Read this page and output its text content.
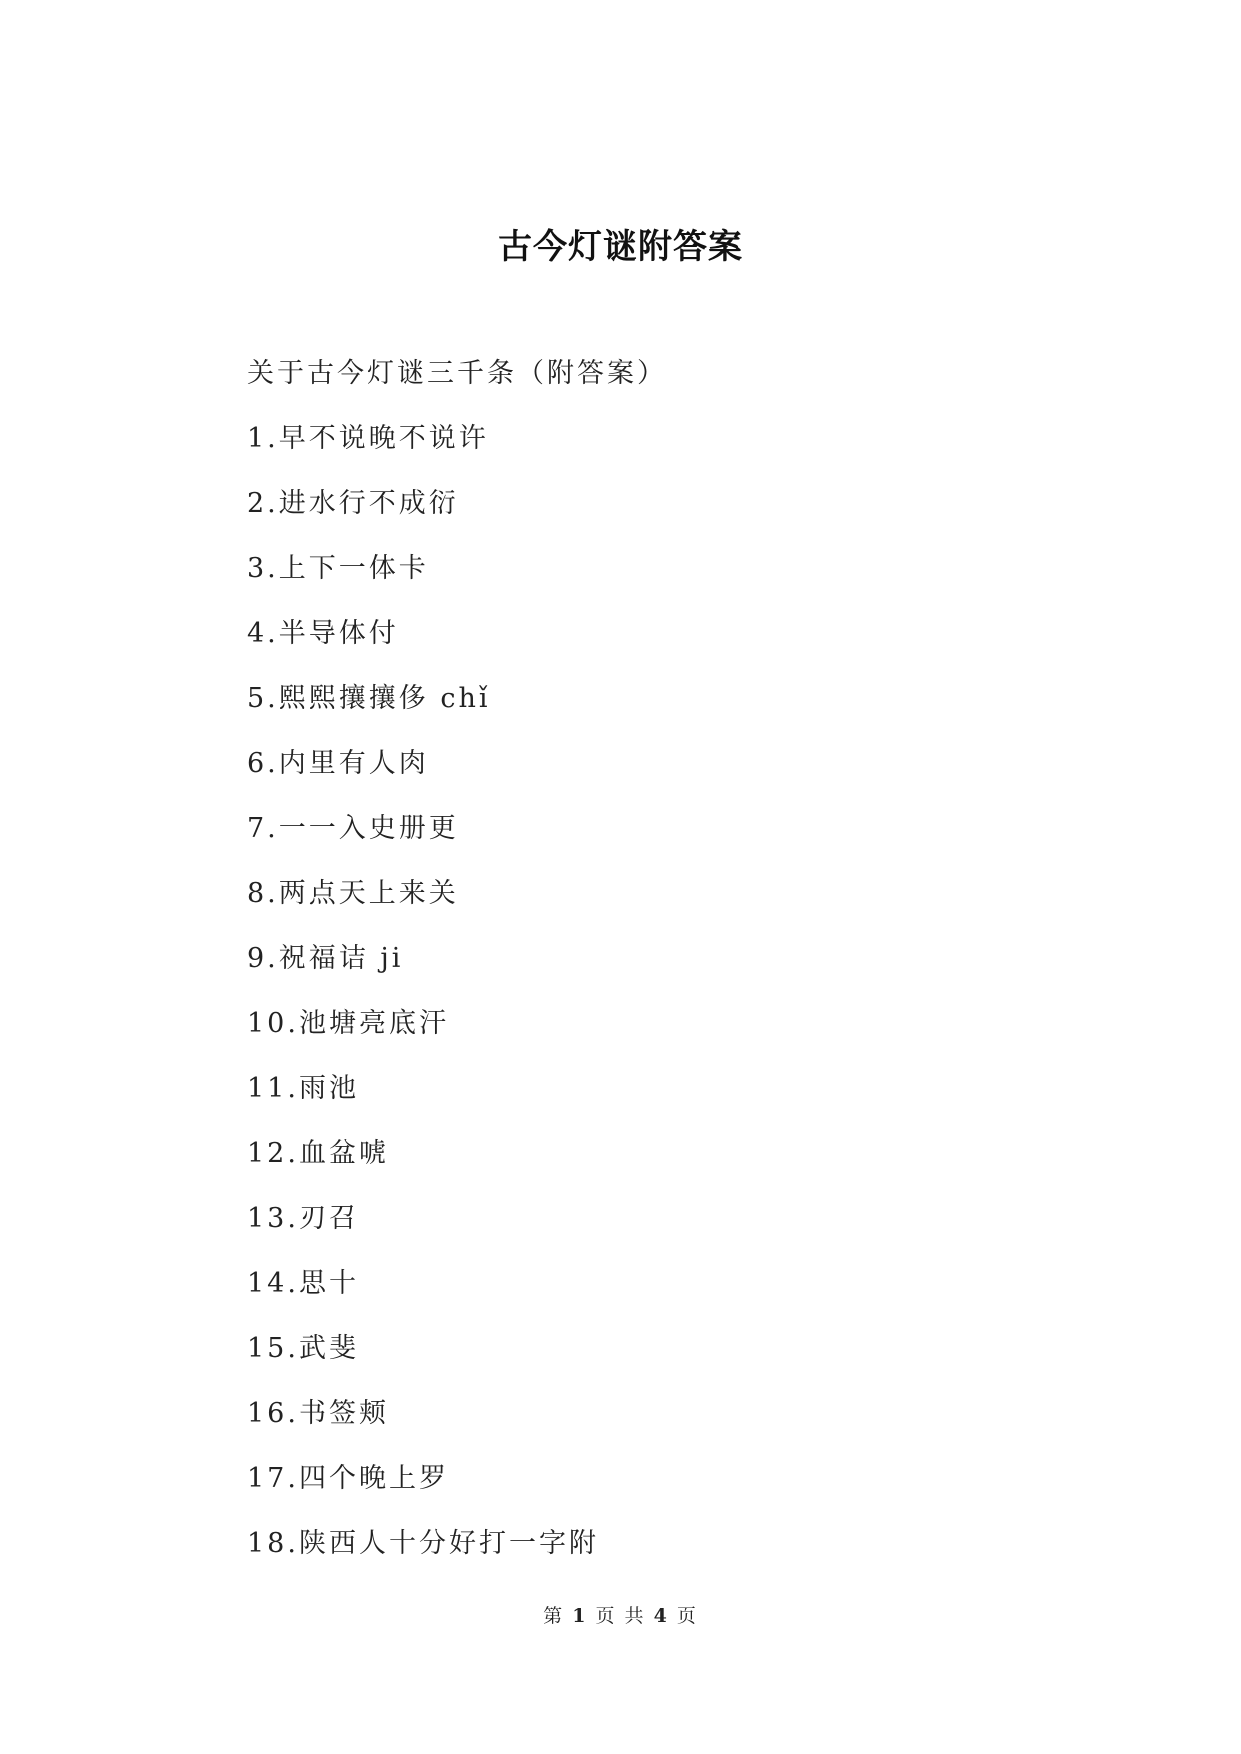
古今灯谜附答案
关于古今灯谜三千条（附答案）
1.早不说晚不说许
2.进水行不成衍
3.上下一体卡
4.半导体付
5.熙熙攘攘侈 chǐ
6.内里有人肉
7.一一入史册更
8.两点天上来关
9.祝福诘 ji
10.池塘亮底汗
11.雨池
12.血盆唬
13.刃召
14.思十
15.武斐
16.书签颊
17.四个晚上罗
18.陕西人十分好打一字附
第 1 页 共 4 页
